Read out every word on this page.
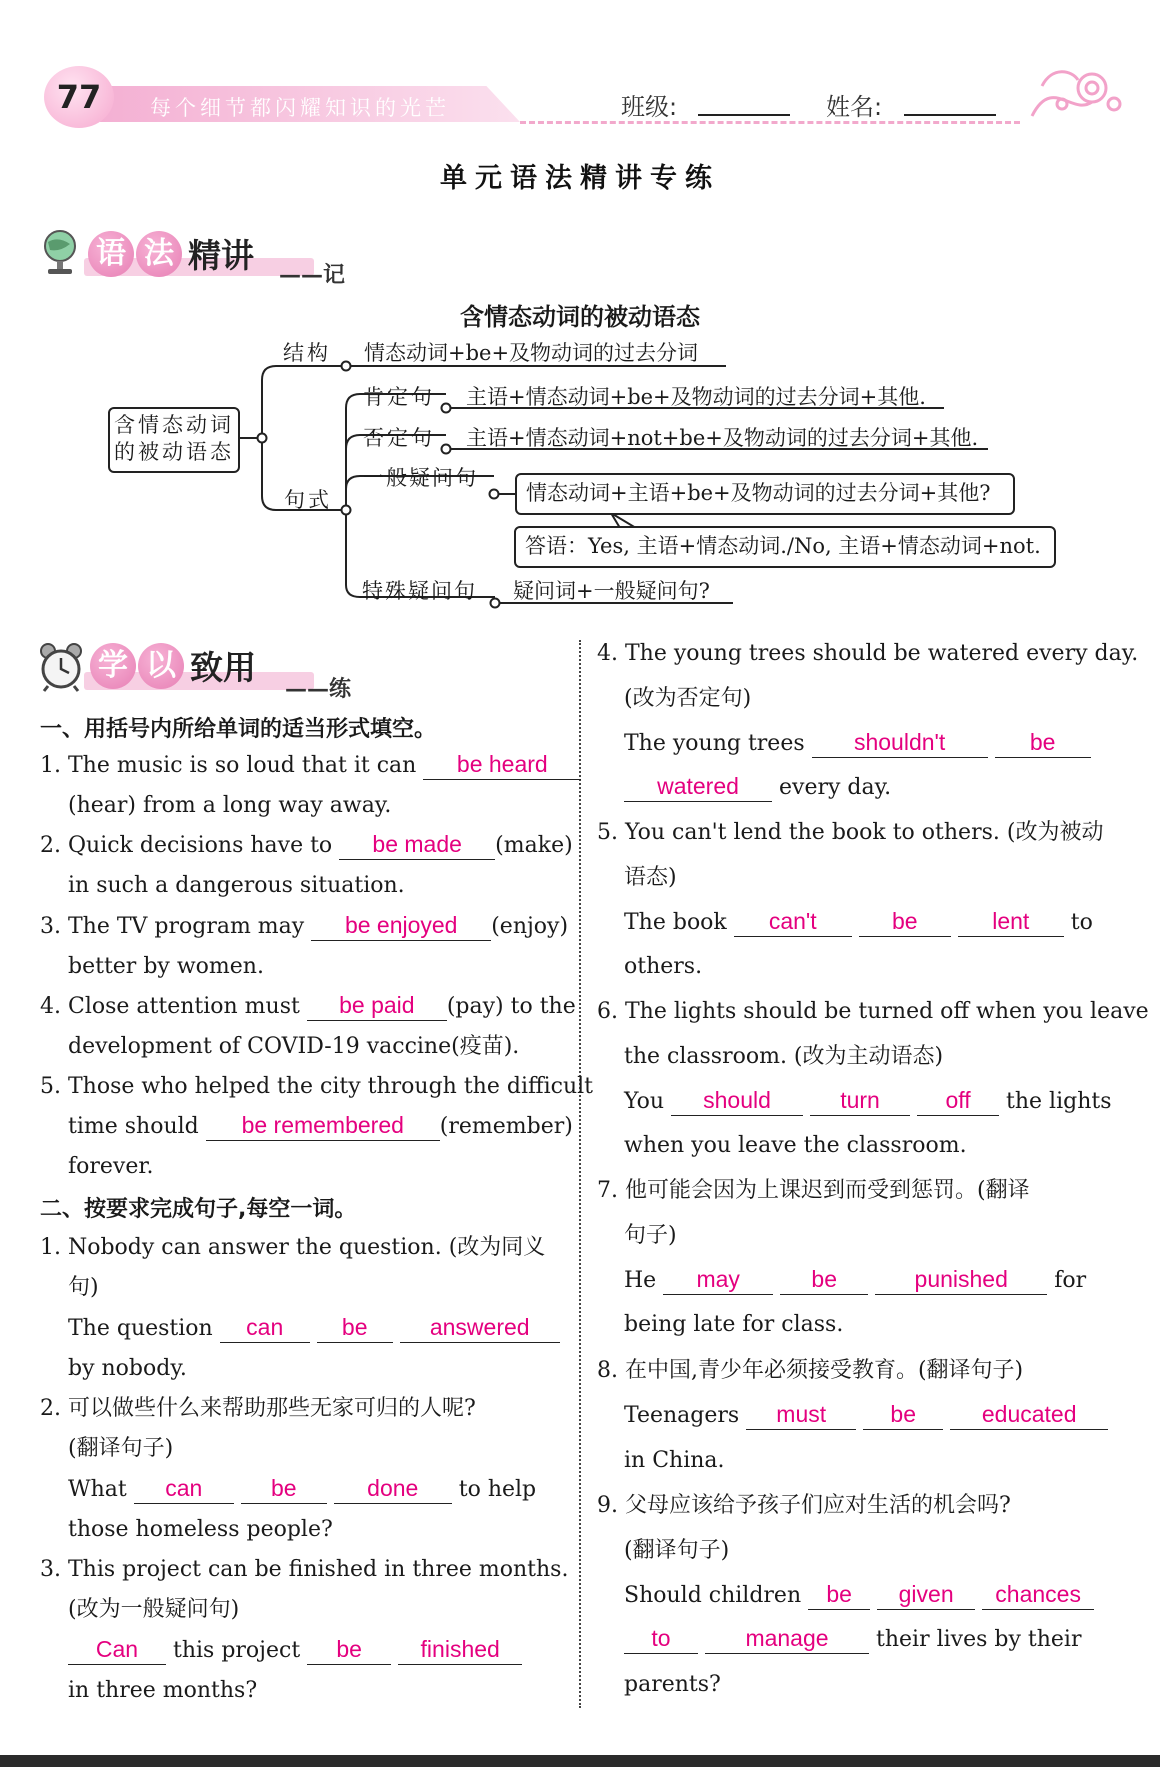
每个细节都闪耀知识的光芒
77	班级:	姓名:
单元语法精讲专练
语 法 精讲 ——记
含情态动词的被动语态
含情态动词
的被动语态
结构 情态动词+be+及物动词的过去分词
句式
肯定句 主语+情态动词+be+及物动词的过去分词+其他.
否定句 主语+情态动词+not+be+及物动词的过去分词+其他.
一般疑问句
情态动词+主语+be+及物动词的过去分词+其他?
答语：Yes, 主语+情态动词./No, 主语+情态动词+not.
特殊疑问句 疑问词+一般疑问句?
学 以 致用
——练
一、用括号内所给单词的适当形式填空。
1. The music is so loud that it can be heard
(hear) from a long way away.
2. Quick decisions have to be made (make)
in such a dangerous situation.
3. The TV program may be enjoyed (enjoy)
better by women.
4. Close attention must be paid (pay) to the
development of COVID-19 vaccine(疫苗).
5. Those who helped the city through the difficult
time should be remembered (remember)
forever.
二、按要求完成句子,每空一词。
1. Nobody can answer the question. (改为同义
句)
The question can	be	answered
by nobody.
2. 可以做些什么来帮助那些无家可归的人呢?
(翻译句子)
What can	be	done to help
those homeless people?
3. This project can be finished in three months.
(改为一般疑问句)
Can this project be	finished
in three months?
4. The young trees should be watered every day.
(改为否定句)
The young trees shouldn't	be
watered every day.
5. You can't lend the book to others. (改为被动
语态)
The book can't	be	lent to
others.
6. The lights should be turned off when you leave
the classroom. (改为主动语态)
You should	turn	off the lights
when you leave the classroom.
7. 他可能会因为上课迟到而受到惩罚。(翻译
句子)
He may	be	punished for
being late for class.
8. 在中国,青少年必须接受教育。(翻译句子)
Teenagers must	be	educated
in China.
9. 父母应该给予孩子们应对生活的机会吗?
(翻译句子)
Should children be given chances
to	manage their lives by their
parents?
